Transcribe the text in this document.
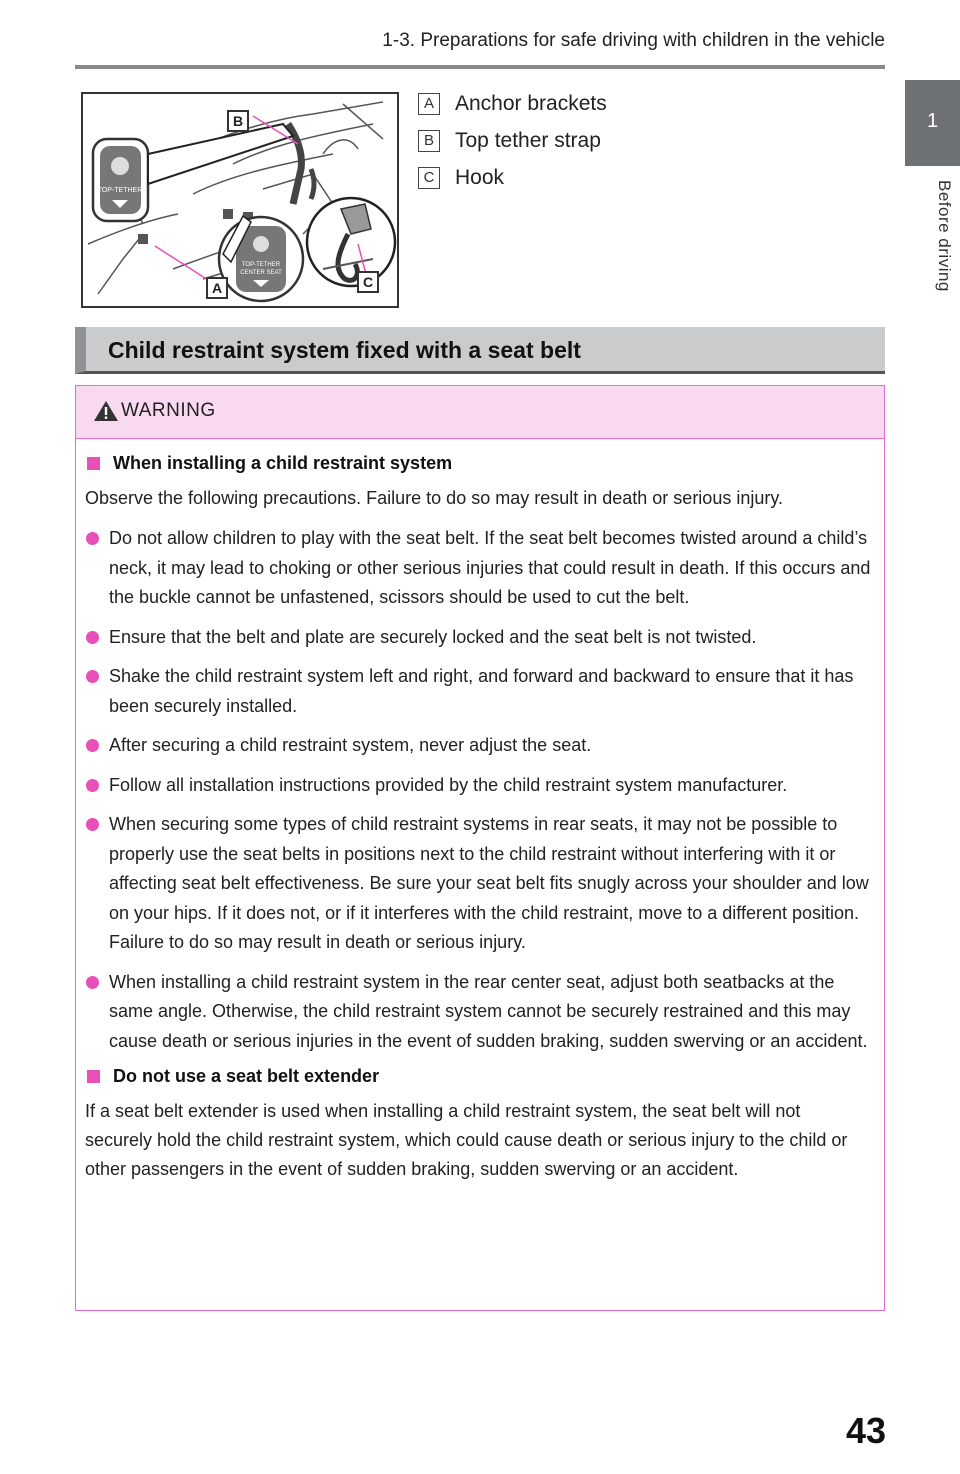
1-3. Preparations for safe driving with children in the vehicle
1
Before driving
TOP-TETHER
TOP-TETHER
CENTER SEAT
B
A	C
A Anchor brackets
B Top tether strap
C Hook
Child restraint system fixed with a seat belt
WARNING
When installing a child restraint system

Observe the following precautions. Failure to do so may result in death or serious injury.

Do not allow children to play with the seat belt. If the seat belt becomes twisted around a child’s neck, it may lead to choking or other serious injuries that could result in death. If this occurs and the buckle cannot be unfastened, scissors should be used to cut the belt.
Ensure that the belt and plate are securely locked and the seat belt is not twisted.
Shake the child restraint system left and right, and forward and backward to ensure that it has been securely installed.
After securing a child restraint system, never adjust the seat.
Follow all installation instructions provided by the child restraint system manufacturer.
When securing some types of child restraint systems in rear seats, it may not be possible to properly use the seat belts in positions next to the child restraint without interfering with it or affecting seat belt effectiveness. Be sure your seat belt fits snugly across your shoulder and low on your hips. If it does not, or if it interferes with the child restraint, move to a different position. Failure to do so may result in death or serious injury.
When installing a child restraint system in the rear center seat, adjust both seatbacks at the same angle. Otherwise, the child restraint system cannot be securely restrained and this may cause death or serious injuries in the event of sudden braking, sudden swerving or an accident.
Do not use a seat belt extender

If a seat belt extender is used when installing a child restraint system, the seat belt will not securely hold the child restraint system, which could cause death or serious injury to the child or other passengers in the event of sudden braking, sudden swerving or an accident.

43
